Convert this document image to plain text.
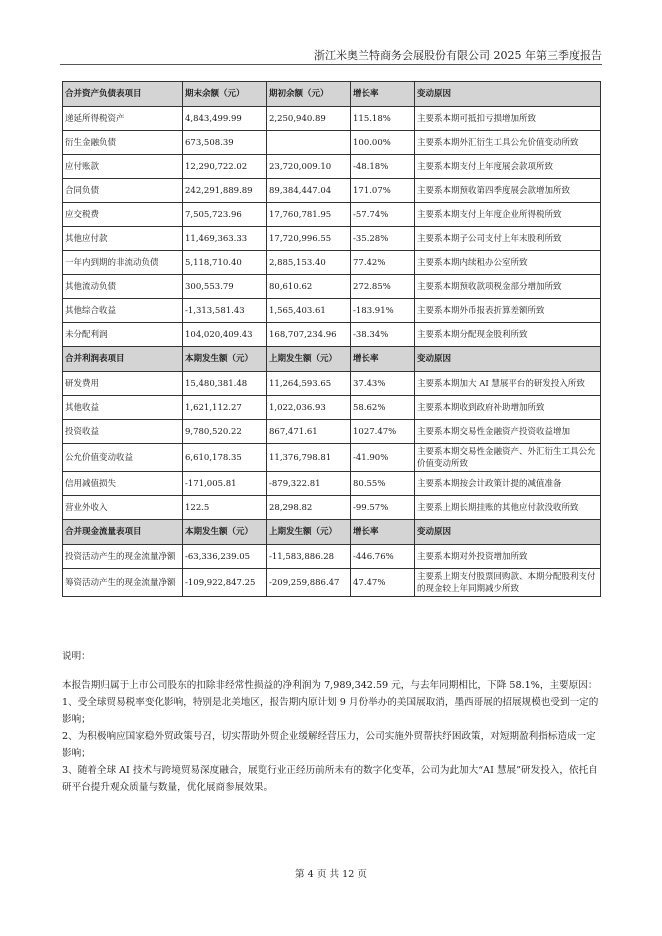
浙江米奥兰特商务会展股份有限公司 2025 年第三季度报告
合并资产负债表项目	期末余额（元）	期初余额（元）	增长率	变动原因
递延所得税资产	4,843,499.99	2,250,940.89	115.18%	主要系本期可抵扣亏损增加所致
衍生金融负债	673,508.39		100.00%	主要系本期外汇衍生工具公允价值变动所致
应付账款	12,290,722.02	23,720,009.10	-48.18%	主要系本期支付上年度展会款项所致
合同负债	242,291,889.89	89,384,447.04	171.07%	主要系本期预收第四季度展会款增加所致
应交税费	7,505,723.96	17,760,781.95	-57.74%	主要系本期支付上年度企业所得税所致
其他应付款	11,469,363.33	17,720,996.55	-35.28%	主要系本期子公司支付上年末股利所致
一年内到期的非流动负债	5,118,710.40	2,885,153.40	77.42%	主要系本期内续租办公室所致
其他流动负债	300,553.79	80,610.62	272.85%	主要系本期预收款项税金部分增加所致
其他综合收益	-1,313,581.43	1,565,403.61	-183.91%	主要系本期外币报表折算差额所致
未分配利润	104,020,409.43	168,707,234.96	-38.34%	主要系本期分配现金股利所致
合并利润表项目	本期发生额（元）	上期发生额（元）	增长率	变动原因
研发费用	15,480,381.48	11,264,593.65	37.43%	主要系本期加大 AI 慧展平台的研发投入所致
其他收益	1,621,112.27	1,022,036.93	58.62%	主要系本期收到政府补助增加所致
投资收益	9,780,520.22	867,471.61	1027.47%	主要系本期交易性金融资产投资收益增加
公允价值变动收益	6,610,178.35	11,376,798.81	-41.90%	主要系本期交易性金融资产、外汇衍生工具公允价值变动所致
信用减值损失	-171,005.81	-879,322.81	80.55%	主要系本期按会计政策计提的减值准备
营业外收入	122.5	28,298.82	-99.57%	主要系上期长期挂账的其他应付款没收所致
合并现金流量表项目	本期发生额（元）	上期发生额（元）	增长率	变动原因
投资活动产生的现金流量净额	-63,336,239.05	-11,583,886.28	-446.76%	主要系本期对外投资增加所致
筹资活动产生的现金流量净额	-109,922,847.25	-209,259,886.47	47.47%	主要系上期支付股票回购款、本期分配股利支付的现金较上年同期减少所致

说明：

本报告期归属于上市公司股东的扣除非经常性损益的净利润为 7,989,342.59 元，与去年同期相比，下降 58.1%，主要原因：

1、受全球贸易税率变化影响，特别是北美地区，报告期内原计划 9 月份举办的美国展取消，墨西哥展的招展规模也受到一定的影响；

2、为积极响应国家稳外贸政策号召，切实帮助外贸企业缓解经营压力，公司实施外贸帮扶纾困政策，对短期盈利指标造成一定影响；

3、随着全球 AI 技术与跨境贸易深度融合，展览行业正经历前所未有的数字化变革，公司为此加大“AI 慧展”研发投入，依托自研平台提升观众质量与数量，优化展商参展效果。

第 4 页 共 12 页
